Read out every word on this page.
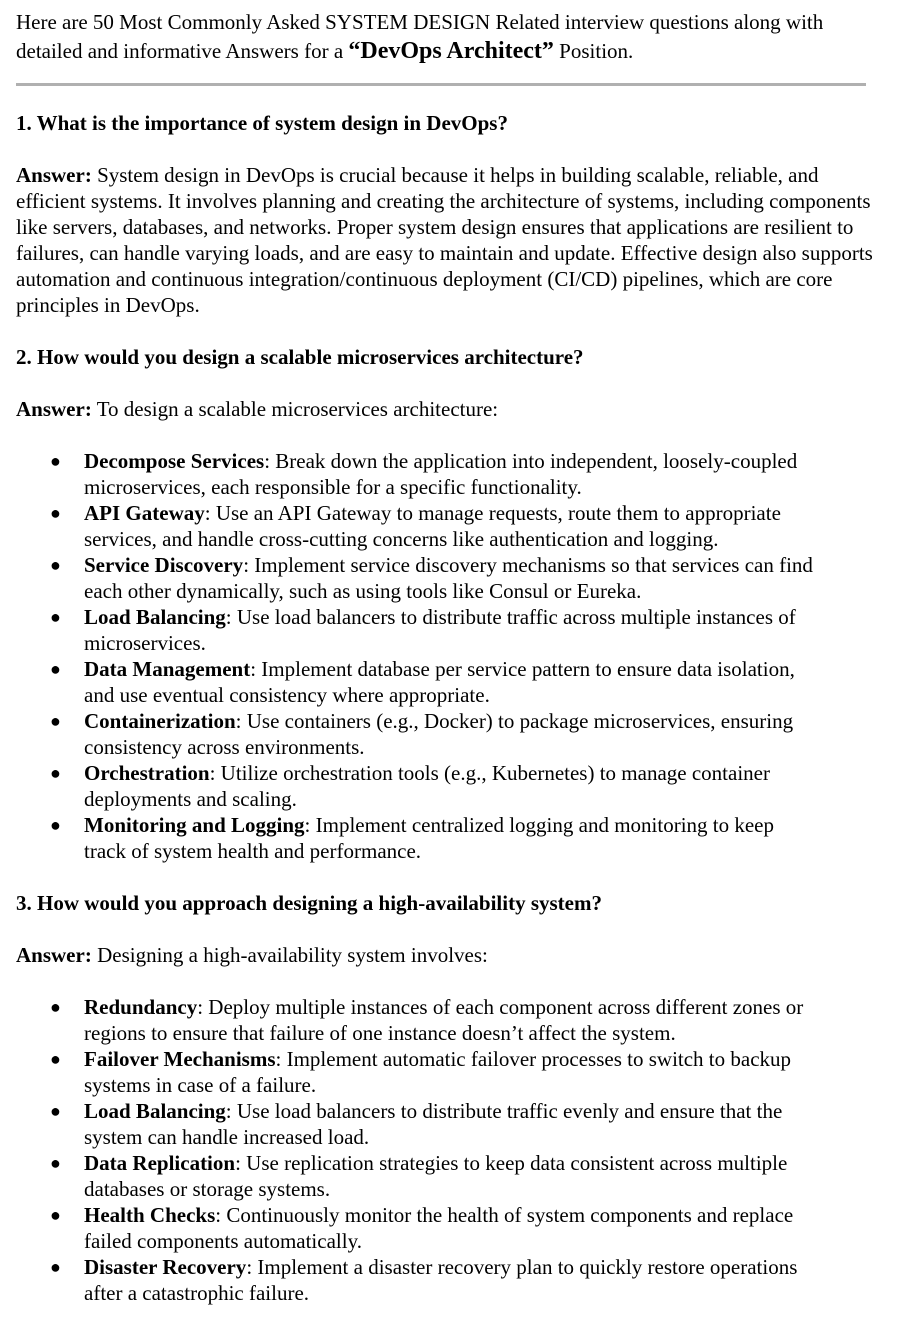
Here are 50 Most Commonly Asked SYSTEM DESIGN Related interview questions along with detailed and informative Answers for a “DevOps Architect” Position.

1. What is the importance of system design in DevOps?

Answer: System design in DevOps is crucial because it helps in building scalable, reliable, and efficient systems. It involves planning and creating the architecture of systems, including components like servers, databases, and networks. Proper system design ensures that applications are resilient to failures, can handle varying loads, and are easy to maintain and update. Effective design also supports automation and continuous integration/continuous deployment (CI/CD) pipelines, which are core principles in DevOps.

2. How would you design a scalable microservices architecture?

Answer: To design a scalable microservices architecture:

● Decompose Services: Break down the application into independent, loosely-coupled microservices, each responsible for a specific functionality.
● API Gateway: Use an API Gateway to manage requests, route them to appropriate services, and handle cross-cutting concerns like authentication and logging.
● Service Discovery: Implement service discovery mechanisms so that services can find each other dynamically, such as using tools like Consul or Eureka.
● Load Balancing: Use load balancers to distribute traffic across multiple instances of microservices.
● Data Management: Implement database per service pattern to ensure data isolation, and use eventual consistency where appropriate.
● Containerization: Use containers (e.g., Docker) to package microservices, ensuring consistency across environments.
● Orchestration: Utilize orchestration tools (e.g., Kubernetes) to manage container deployments and scaling.
● Monitoring and Logging: Implement centralized logging and monitoring to keep track of system health and performance.

3. How would you approach designing a high-availability system?

Answer: Designing a high-availability system involves:

● Redundancy: Deploy multiple instances of each component across different zones or regions to ensure that failure of one instance doesn’t affect the system.
● Failover Mechanisms: Implement automatic failover processes to switch to backup systems in case of a failure.
● Load Balancing: Use load balancers to distribute traffic evenly and ensure that the system can handle increased load.
● Data Replication: Use replication strategies to keep data consistent across multiple databases or storage systems.
● Health Checks: Continuously monitor the health of system components and replace failed components automatically.
● Disaster Recovery: Implement a disaster recovery plan to quickly restore operations after a catastrophic failure.
